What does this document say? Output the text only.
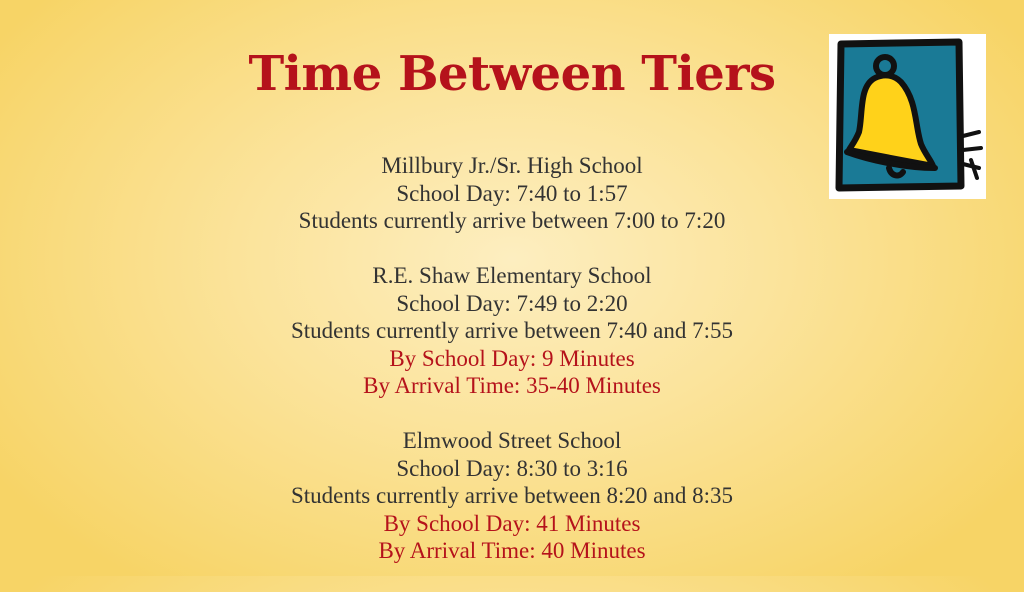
Time Between Tiers
Millbury Jr./Sr. High School
School Day: 7:40 to 1:57
Students currently arrive between 7:00 to 7:20
R.E. Shaw Elementary School
School Day: 7:49 to 2:20
Students currently arrive between 7:40 and 7:55
By School Day: 9 Minutes
By Arrival Time: 35-40 Minutes
Elmwood Street School
School Day: 8:30 to 3:16
Students currently arrive between 8:20 and 8:35
By School Day: 41 Minutes
By Arrival Time: 40 Minutes
